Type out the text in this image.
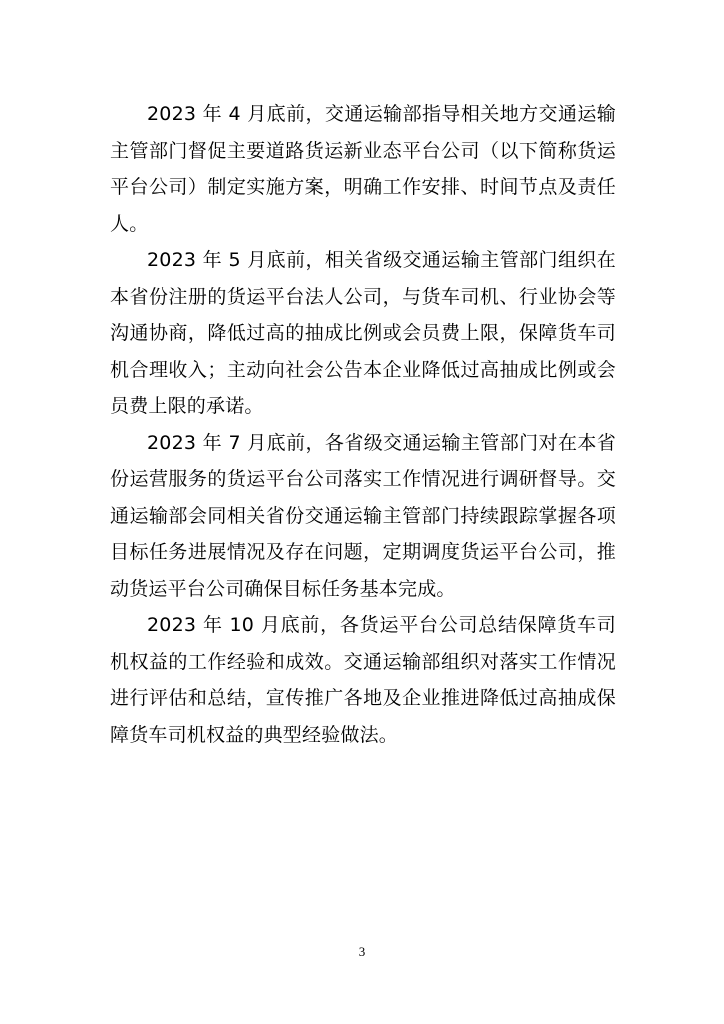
2023 年 4 月底前，交通运输部指导相关地方交通运输主管部门督促主要道路货运新业态平台公司（以下简称货运平台公司）制定实施方案，明确工作安排、时间节点及责任人。

2023 年 5 月底前，相关省级交通运输主管部门组织在本省份注册的货运平台法人公司，与货车司机、行业协会等沟通协商，降低过高的抽成比例或会员费上限，保障货车司机合理收入；主动向社会公告本企业降低过高抽成比例或会员费上限的承诺。

2023 年 7 月底前，各省级交通运输主管部门对在本省份运营服务的货运平台公司落实工作情况进行调研督导。交通运输部会同相关省份交通运输主管部门持续跟踪掌握各项目标任务进展情况及存在问题，定期调度货运平台公司，推动货运平台公司确保目标任务基本完成。

2023 年 10 月底前，各货运平台公司总结保障货车司机权益的工作经验和成效。交通运输部组织对落实工作情况进行评估和总结，宣传推广各地及企业推进降低过高抽成保障货车司机权益的典型经验做法。

3
